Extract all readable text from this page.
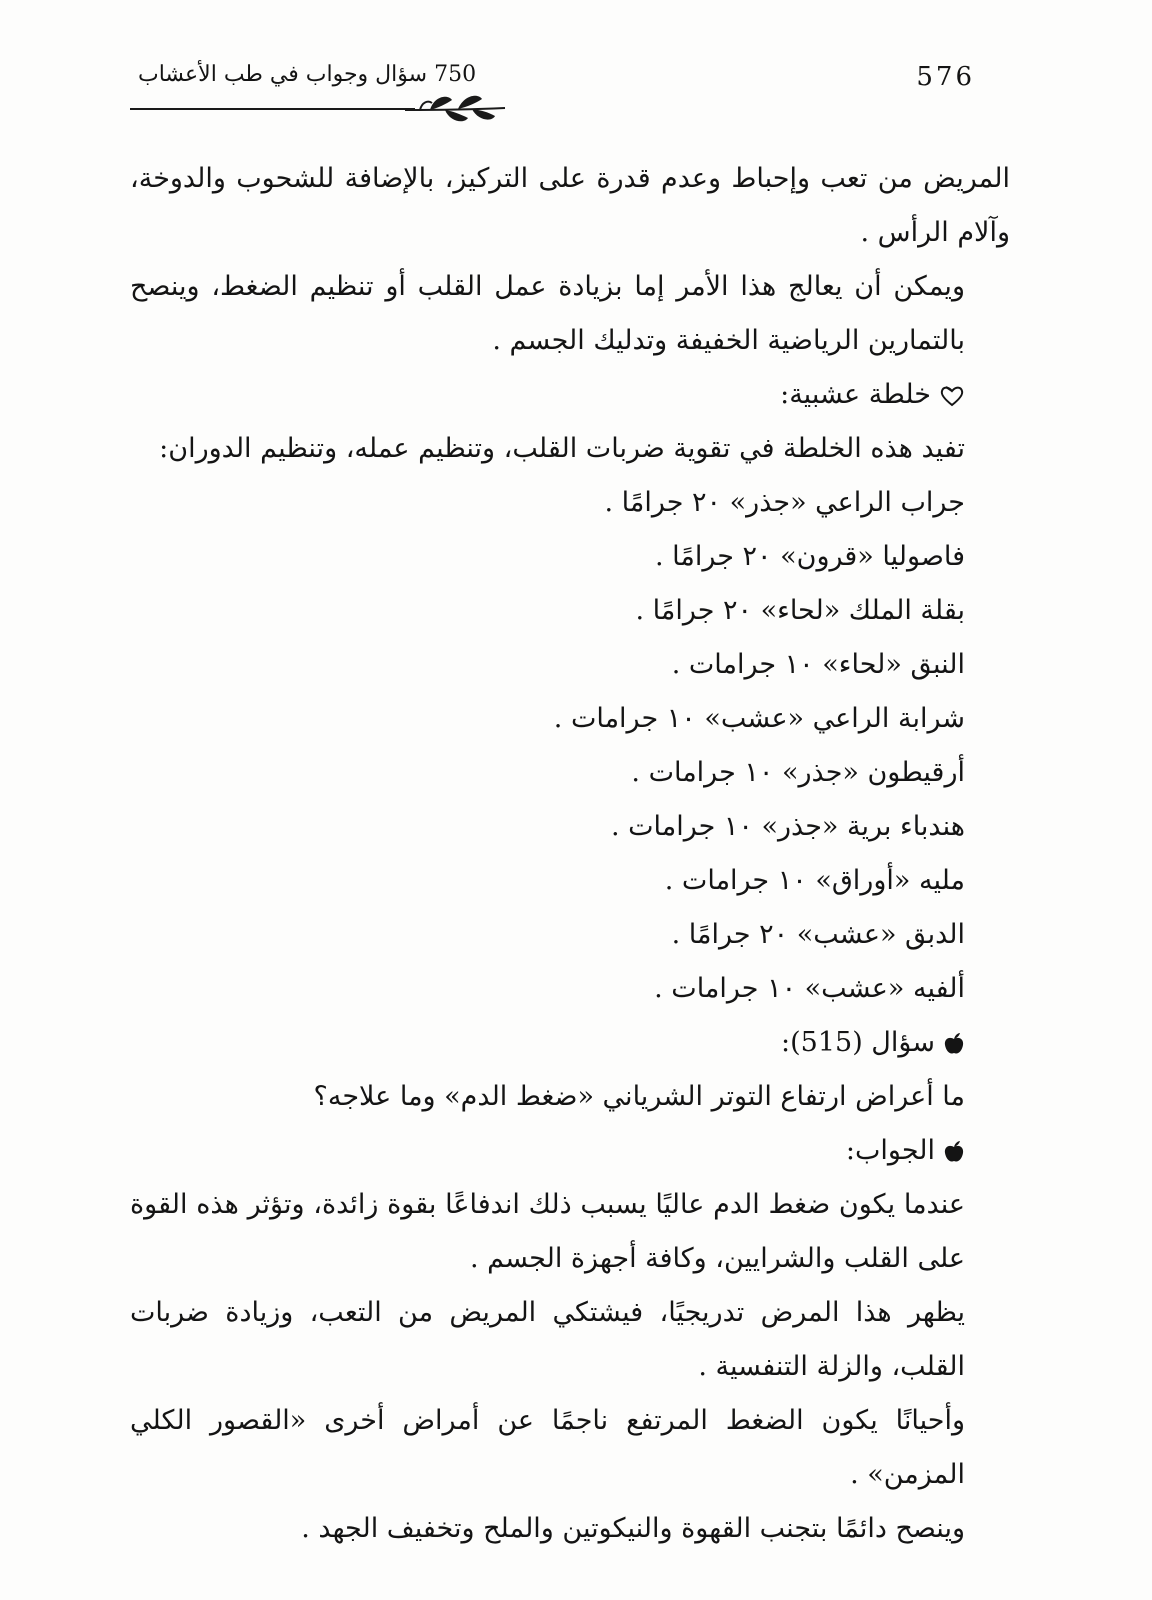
576
750 سؤال وجواب في طب الأعشاب

المريض من تعب وإحباط وعدم قدرة على التركيز، بالإضافة للشحوب والدوخة، وآلام الرأس .

ويمكن أن يعالج هذا الأمر إما بزيادة عمل القلب أو تنظيم الضغط، وينصح بالتمارين الرياضية الخفيفة وتدليك الجسم .

خلطة عشبية:

تفيد هذه الخلطة في تقوية ضربات القلب، وتنظيم عمله، وتنظيم الدوران:

جراب الراعي «جذر» ٢٠ جرامًا .

فاصوليا «قرون» ٢٠ جرامًا .

بقلة الملك «لحاء» ٢٠ جرامًا .

النبق «لحاء» ١٠ جرامات .

شرابة الراعي «عشب» ١٠ جرامات .

أرقيطون «جذر» ١٠ جرامات .

هندباء برية «جذر» ١٠ جرامات .

مليه «أوراق» ١٠ جرامات .

الدبق «عشب» ٢٠ جرامًا .

ألفيه «عشب» ١٠ جرامات .

سؤال (515):

ما أعراض ارتفاع التوتر الشرياني «ضغط الدم» وما علاجه؟

الجواب:

عندما يكون ضغط الدم عاليًا يسبب ذلك اندفاعًا بقوة زائدة، وتؤثر هذه القوة على القلب والشرايين، وكافة أجهزة الجسم .

يظهر هذا المرض تدريجيًا، فيشتكي المريض من التعب، وزيادة ضربات القلب، والزلة التنفسية .

وأحيانًا يكون الضغط المرتفع ناجمًا عن أمراض أخرى «القصور الكلي المزمن» .

وينصح دائمًا بتجنب القهوة والنيكوتين والملح وتخفيف الجهد .
